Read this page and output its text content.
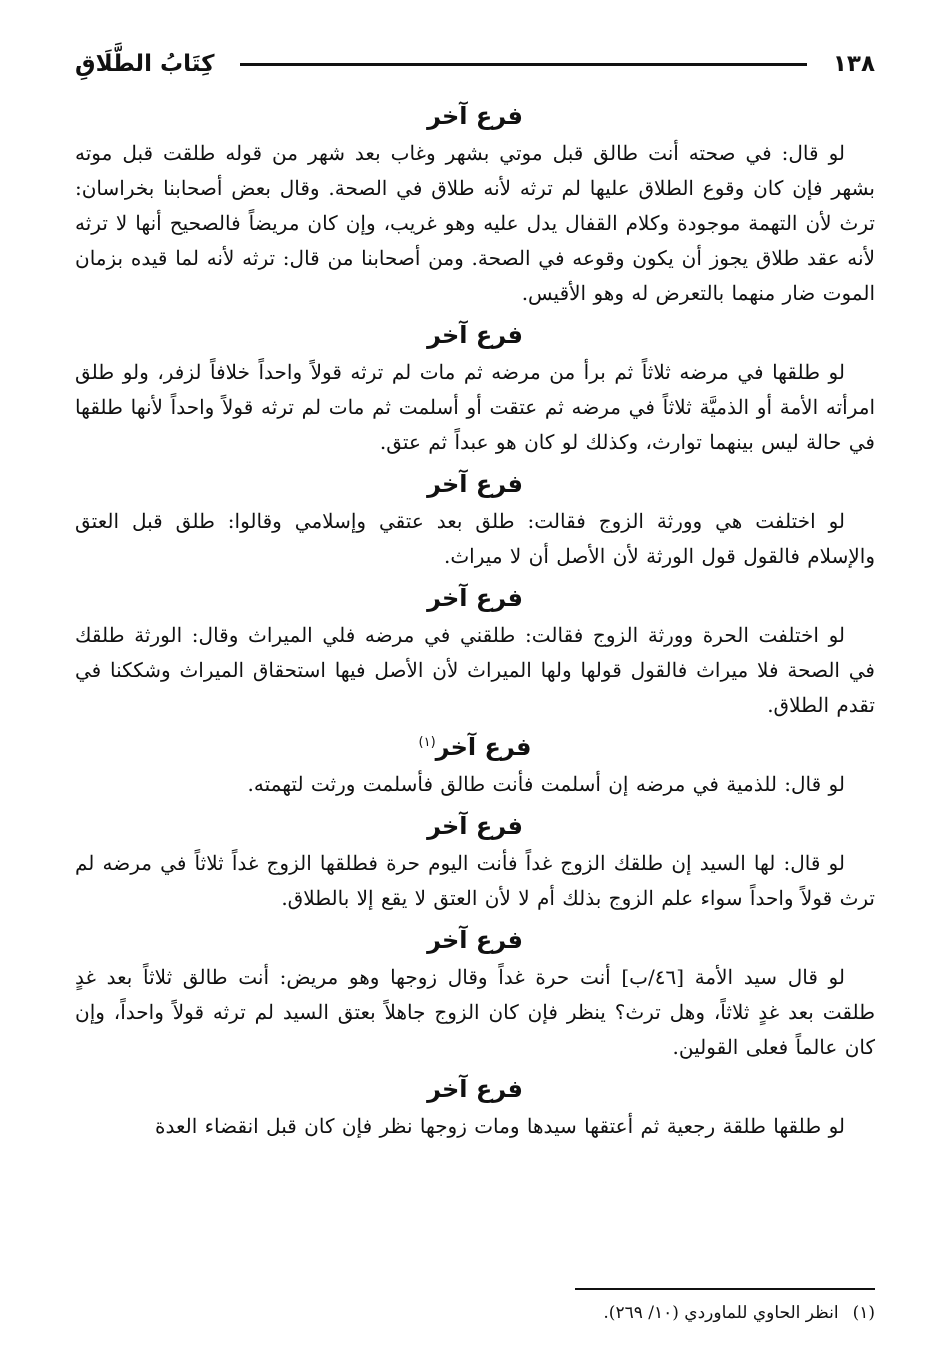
١٣٨
كِتَابُ الطَّلَاقِ
فرع آخر

لو قال: في صحته أنت طالق قبل موتي بشهر وغاب بعد شهر من قوله طلقت قبل موته بشهر فإن كان وقوع الطلاق عليها لم ترثه لأنه طلاق في الصحة. وقال بعض أصحابنا بخراسان: ترث لأن التهمة موجودة وكلام القفال يدل عليه وهو غريب، وإن كان مريضاً فالصحيح أنها لا ترثه لأنه عقد طلاق يجوز أن يكون وقوعه في الصحة. ومن أصحابنا من قال: ترثه لأنه لما قيده بزمان الموت ضار منهما بالتعرض له وهو الأقيس.

فرع آخر

لو طلقها في مرضه ثلاثاً ثم برأ من مرضه ثم مات لم ترثه قولاً واحداً خلافاً لزفر، ولو طلق امرأته الأمة أو الذميَّة ثلاثاً في مرضه ثم عتقت أو أسلمت ثم مات لم ترثه قولاً واحداً لأنها طلقها في حالة ليس بينهما توارث، وكذلك لو كان هو عبداً ثم عتق.

فرع آخر

لو اختلفت هي وورثة الزوج فقالت: طلق بعد عتقي وإسلامي وقالوا: طلق قبل العتق والإسلام فالقول قول الورثة لأن الأصل أن لا ميراث.

فرع آخر

لو اختلفت الحرة وورثة الزوج فقالت: طلقني في مرضه فلي الميراث وقال: الورثة طلقك في الصحة فلا ميراث فالقول قولها ولها الميراث لأن الأصل فيها استحقاق الميراث وشككنا في تقدم الطلاق.

فرع آخر$^{(١)}$

لو قال: للذمية في مرضه إن أسلمت فأنت طالق فأسلمت ورثت لتهمته.

فرع آخر

لو قال: لها السيد إن طلقك الزوج غداً فأنت اليوم حرة فطلقها الزوج غداً ثلاثاً في مرضه لم ترث قولاً واحداً سواء علم الزوج بذلك أم لا لأن العتق لا يقع إلا بالطلاق.

فرع آخر

لو قال سيد الأمة [٤٦/ب] أنت حرة غداً وقال زوجها وهو مريض: أنت طالق ثلاثاً بعد غدٍ طلقت بعد غدٍ ثلاثاً، وهل ترث؟ ينظر فإن كان الزوج جاهلاً بعتق السيد لم ترثه قولاً واحداً، وإن كان عالماً فعلى القولين.

فرع آخر

لو طلقها طلقة رجعية ثم أعتقها سيدها ومات زوجها نظر فإن كان قبل انقضاء العدة

(١)
انظر الحاوي للماوردي (١٠/ ٢٦٩).
